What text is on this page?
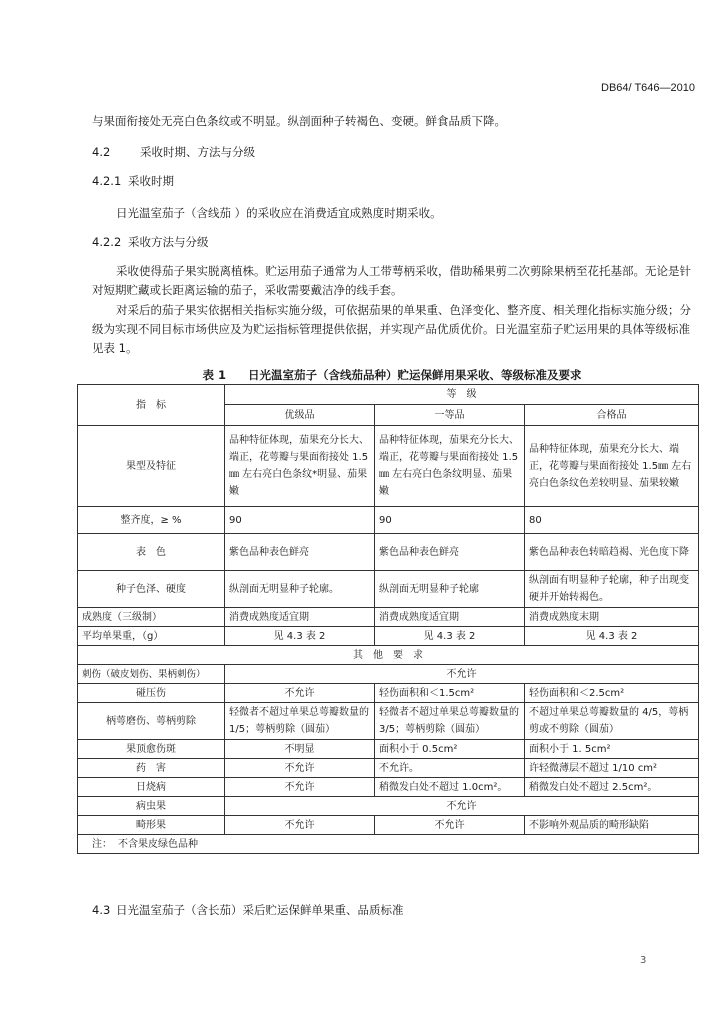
DB64/ T646—2010

与果面衔接处无亮白色条纹或不明显。纵剖面种子转褐色、变硬。鲜食品质下降。

4.2	采收时期、方法与分级

4.2.1 采收时期

日光温室茄子（含线茄 ）的采收应在消费适宜成熟度时期采收。

4.2.2 采收方法与分级

采收使得茄子果实脱离植株。贮运用茄子通常为人工带萼柄采收，借助稀果剪二次剪除果柄至花托基部。无论是针对短期贮藏或长距离运输的茄子，采收需要戴洁净的线手套。

对采后的茄子果实依据相关指标实施分级，可依据茄果的单果重、色泽变化、整齐度、相关理化指标实施分级；分级为实现不同目标市场供应及为贮运指标管理提供依据，并实现产品优质优价。日光温室茄子贮运用果的具体等级标准见表 1。

表 1 日光温室茄子（含线茄品种）贮运保鲜用果采收、等级标准及要求

指　标	等　级		
	优级品	一等品	合格品
果型及特征	品种特征体现，茄果充分长大、端正，花萼瓣与果面衔接处 1.5㎜ 左右亮白色条纹*明显、茄果嫩	品种特征体现，茄果充分长大、端正，花萼瓣与果面衔接处 1.5㎜ 左右亮白色条纹明显、茄果嫩	品种特征体现，茄果充分长大、端正，花萼瓣与果面衔接处 1.5㎜ 左右亮白色条纹色差较明显、茄果较嫩
整齐度，≥ %	90	90	80
表　色	紫色品种表色鲜亮	紫色品种表色鲜亮	紫色品种表色转暗趋褐、光色度下降
种子色泽、硬度	纵剖面无明显种子轮廓。	纵剖面无明显种子轮廓	纵剖面有明显种子轮廓，种子出现变硬并开始转褐色。
成熟度（三级制）	消费成熟度适宜期	消费成熟度适宜期	消费成熟度末期
平均单果重，（g）	见 4.3 表 2	见 4.3 表 2	见 4.3 表 2
其　他　要　求			
刺伤（破皮划伤、果柄刺伤）	不允许		
碰压伤	不允许	轻伤面积和＜1.5cm²	轻伤面积和＜2.5cm²
柄萼磨伤、萼柄剪除	轻微者不超过单果总萼瓣数量的 1/5；萼柄剪除（圆茄）	轻微者不超过单果总萼瓣数量的 3/5；萼柄剪除（圆茄）	不超过单果总萼瓣数量的 4/5，萼柄剪或不剪除（圆茄）
果顶愈伤斑	不明显	面积小于 0.5cm²	面积小于 1. 5cm²
药　害	不允许	不允许。	许轻微薄层不超过 1/10 cm²
日烧病	不允许	稍微发白处不超过 1.0cm²。	稍微发白处不超过 2.5cm²。
病虫果	不允许		
畸形果	不允许	不允许	不影响外观品质的畸形缺陷
注： 不含果皮绿色品种			

4.3 日光温室茄子（含长茄）采后贮运保鲜单果重、品质标准

3
